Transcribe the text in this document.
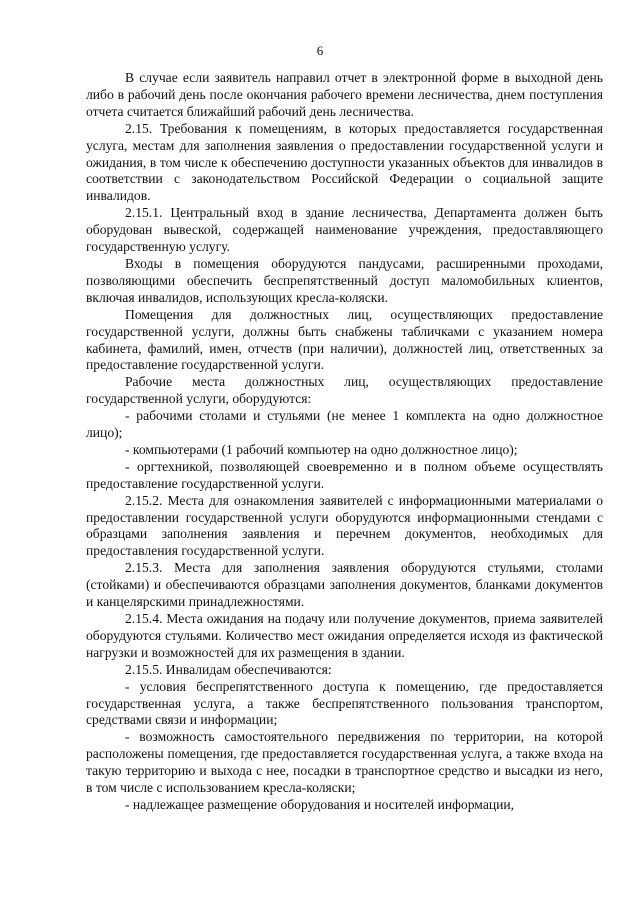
6

В случае если заявитель направил отчет в электронной форме в выходной день либо в рабочий день после окончания рабочего времени лесничества, днем поступления отчета считается ближайший рабочий день лесничества.

2.15. Требования к помещениям, в которых предоставляется государственная услуга, местам для заполнения заявления о предоставлении государственной услуги и ожидания, в том числе к обеспечению доступности указанных объектов для инвалидов в соответствии с законодательством Российской Федерации о социальной защите инвалидов.

2.15.1. Центральный вход в здание лесничества, Департамента должен быть оборудован вывеской, содержащей наименование учреждения, предоставляющего государственную услугу.

Входы в помещения оборудуются пандусами, расширенными проходами, позволяющими обеспечить беспрепятственный доступ маломобильных клиентов, включая инвалидов, использующих кресла-коляски.

Помещения для должностных лиц, осуществляющих предоставление государственной услуги, должны быть снабжены табличками с указанием номера кабинета, фамилий, имен, отчеств (при наличии), должностей лиц, ответственных за предоставление государственной услуги.

Рабочие места должностных лиц, осуществляющих предоставление государственной услуги, оборудуются:

- рабочими столами и стульями (не менее 1 комплекта на одно должностное лицо);

- компьютерами (1 рабочий компьютер на одно должностное лицо);

- оргтехникой, позволяющей своевременно и в полном объеме осуществлять предоставление государственной услуги.

2.15.2. Места для ознакомления заявителей с информационными материалами о предоставлении государственной услуги оборудуются информационными стендами с образцами заполнения заявления и перечнем документов, необходимых для предоставления государственной услуги.

2.15.3. Места для заполнения заявления оборудуются стульями, столами (стойками) и обеспечиваются образцами заполнения документов, бланками документов и канцелярскими принадлежностями.

2.15.4. Места ожидания на подачу или получение документов, приема заявителей оборудуются стульями. Количество мест ожидания определяется исходя из фактической нагрузки и возможностей для их размещения в здании.

2.15.5. Инвалидам обеспечиваются:

- условия беспрепятственного доступа к помещению, где предоставляется государственная услуга, а также беспрепятственного пользования транспортом, средствами связи и информации;

- возможность самостоятельного передвижения по территории, на которой расположены помещения, где предоставляется государственная услуга, а также входа на такую территорию и выхода с нее, посадки в транспортное средство и высадки из него, в том числе с использованием кресла-коляски;

- надлежащее размещение оборудования и носителей информации,
